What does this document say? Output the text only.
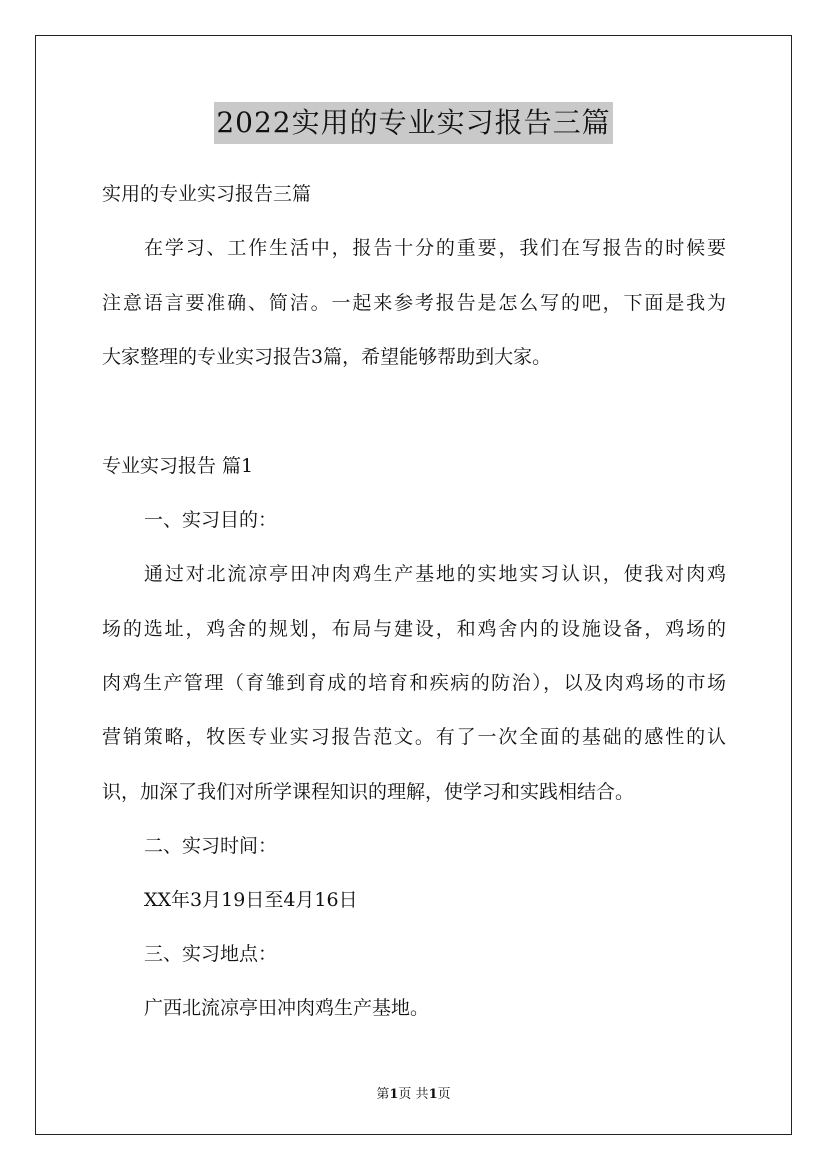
2022实用的专业实习报告三篇
实用的专业实习报告三篇
在学习、工作生活中，报告十分的重要，我们在写报告的时候要
注意语言要准确、简洁。一起来参考报告是怎么写的吧，下面是我为
大家整理的专业实习报告3篇，希望能够帮助到大家。
专业实习报告 篇1
一、实习目的：
通过对北流凉亭田冲肉鸡生产基地的实地实习认识，使我对肉鸡
场的选址，鸡舍的规划，布局与建设，和鸡舍内的设施设备，鸡场的
肉鸡生产管理（育雏到育成的培育和疾病的防治），以及肉鸡场的市场
营销策略，牧医专业实习报告范文。有了一次全面的基础的感性的认
识，加深了我们对所学课程知识的理解，使学习和实践相结合。
二、实习时间：
XX年3月19日至4月16日
三、实习地点：
广西北流凉亭田冲肉鸡生产基地。
第1页 共1页
